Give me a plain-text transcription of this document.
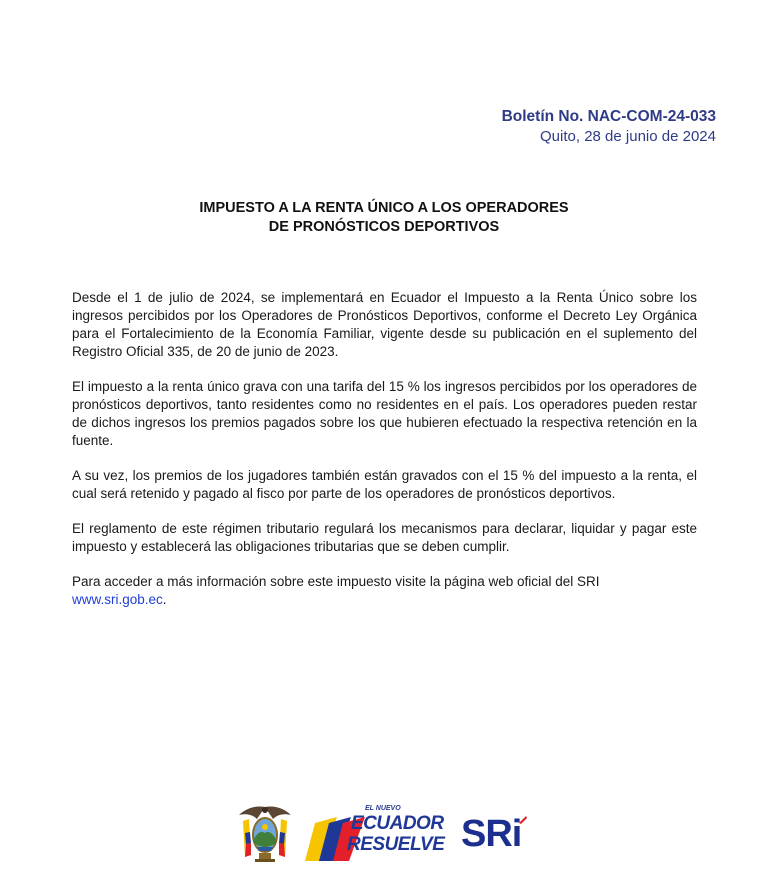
Boletín No. NAC-COM-24-033
Quito, 28 de junio de 2024
IMPUESTO A LA RENTA ÚNICO A LOS OPERADORES
DE PRONÓSTICOS DEPORTIVOS

Desde el 1 de julio de 2024, se implementará en Ecuador el Impuesto a la Renta Único sobre los ingresos percibidos por los Operadores de Pronósticos Deportivos, conforme el Decreto Ley Orgánica para el Fortalecimiento de la Economía Familiar, vigente desde su publicación en el suplemento del Registro Oficial 335, de 20 de junio de 2023.

El impuesto a la renta único grava con una tarifa del 15 % los ingresos percibidos por los operadores de pronósticos deportivos, tanto residentes como no residentes en el país. Los operadores pueden restar de dichos ingresos los premios pagados sobre los que hubieren efectuado la respectiva retención en la fuente.

A su vez, los premios de los jugadores también están gravados con el 15 % del impuesto a la renta, el cual será retenido y pagado al fisco por parte de los operadores de pronósticos deportivos.

El reglamento de este régimen tributario regulará los mecanismos para declarar, liquidar y pagar este impuesto y establecerá las obligaciones tributarias que se deben cumplir.

Para acceder a más información sobre este impuesto visite la página web oficial del SRI
www.sri.gob.ec.

EL NUEVO
ECUADOR
RESUELVE SRi
